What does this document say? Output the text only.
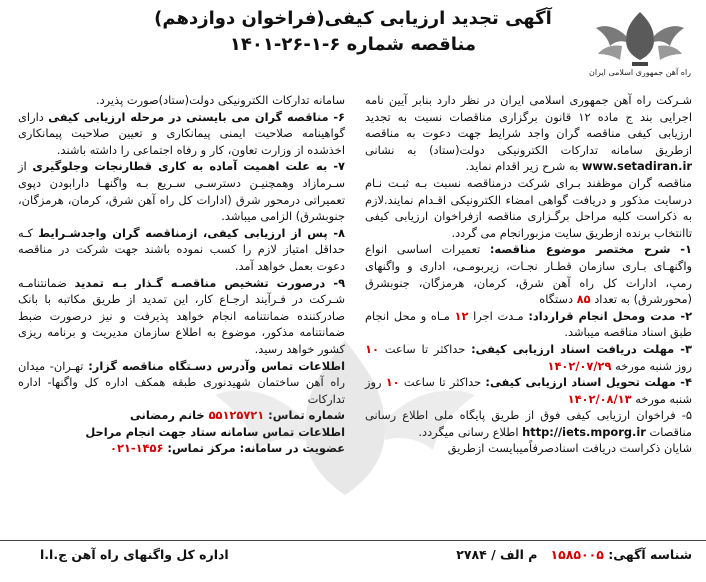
راه آهن جمهوری اسلامی ایران
آگهی تجدید ارزیابی کیفی(فراخوان دوازدهم)
مناقصه شماره ۶-۱-۲۶-۱۴۰۱

شـرکت راه آهن جمهوری اسلامی ایران در نظر دارد بنابر آیین نامه اجرایی بند ج ماده ۱۲ قانون برگزاری مناقصات نسبت به تجدید ارزیابی کیفی مناقصه گران واجد شرایط جهت دعوت به مناقصه ازطریق سامانه تدارکات الکترونیکی دولت(ستاد) به نشانی www.setadiran.ir به شرح زیر اقدام نماید.

مناقصه گران موظفند بـرای شرکت درمناقصه نسبت بـه ثبـت نـام درسایت مذکور و دریافت گواهی امضاء الکترونیکی اقـدام نمایند.لازم به ذکراست کلیه مراحل برگـزاری مناقصه ازفراخوان ارزیابی کیفی تاانتخاب برنده ازطریق سایت مزبورانجام می گردد.

۱- شرح مختصر موضوع مناقصه: تعمیرات اساسی انواع واگنهـای بـاری سازمان قطـار نجـات، زیربومـی، اداری و واگنهای رمپ، ادارات کل راه آهن شرق، کرمان، هرمزگان، جنوبشرق (محورشرق) به تعداد ۸۵ دستگاه

۲- مدت ومحل انجام قرارداد: مـدت اجرا ۱۲ مـاه و محل انجام طبق اسناد مناقصه میباشد.

۳- مهلت دریافت اسناد ارزیابی کیفی: حداکثر تا ساعت ۱۰ روز شنبه مورخه ۱۴۰۲/۰۷/۲۹

۴- مهلت تحویل اسناد ارزیابی کیفی: حداکثر تا ساعت ۱۰ روز شنبه مورخه ۱۴۰۲/۰۸/۱۳

۵- فراخوان ارزیابی کیفی فوق از طریق پایگاه ملی اطلاع رسانی مناقصات http://iets.mporg.ir اطلاع رسانی میگردد.

شایان ذکراست دریافت اسنادصرفاًمیبایست ازطریق

سامانه تدارکات الکترونیکی دولت(ستاد)صورت پذیرد.

۶- مناقصه گران می بایستی در مرحله ارزیابی کیفی دارای گواهینامه صلاحیت ایمنی پیمانکاری و تعیین صلاحیت پیمانکاری اخذشده از وزارت تعاون، کار و رفاه اجتماعی را داشته باشند.

۷- به علت اهمیت آماده به کاری قطارنجات وجلوگیری از سـرمازاد وهمچنیـن دسترسـی سـریع بـه واگنهـا دارابودن دپوی تعمیراتی درمحور شرق (ادارات کل راه آهن شرق، کرمان، هرمزگان، جنوبشرق) الزامی میباشد.

۸- پس از ارزیابی کیفی، ازمناقصه گران واجدشـرایط کـه حداقل امتیاز لازم را کسب نموده باشند جهت شرکت در مناقصه دعوت بعمل خواهد آمد.

۹- درصورت تشخیص مناقصـه گـذار بـه تمدید ضمانتنامـه شـرکت در فـرآیند ارجـاع کار، این تمدید از طریق مکاتبه با بانک صادرکننده ضمانتنامه انجام خواهد پذیرفت و نیز درصورت ضبط ضمانتنامه مذکور، موضوع به اطلاع سازمان مدیریت و برنامه ریزی کشور خواهد رسید.

اطلاعات تماس وآدرس دسـتگاه مناقصه گزار: تهـران- میدان راه آهن ساختمان شهیدنوری طبقه همکف اداره کل واگنها- اداره تدارکات

شماره تماس: ۵۵۱۲۵۷۲۱ خانم رمضانی

اطلاعات تماس سامانه ستاد جهت انجام مراحل

عضویت در سامانه: مرکز تماس: ۱۴۵۶-۰۲۱

شناسه آگهی: ۱۵۸۵۰۰۵   م الف / ۲۷۸۴
اداره کل واگنهای راه آهن ج.ا.ا
